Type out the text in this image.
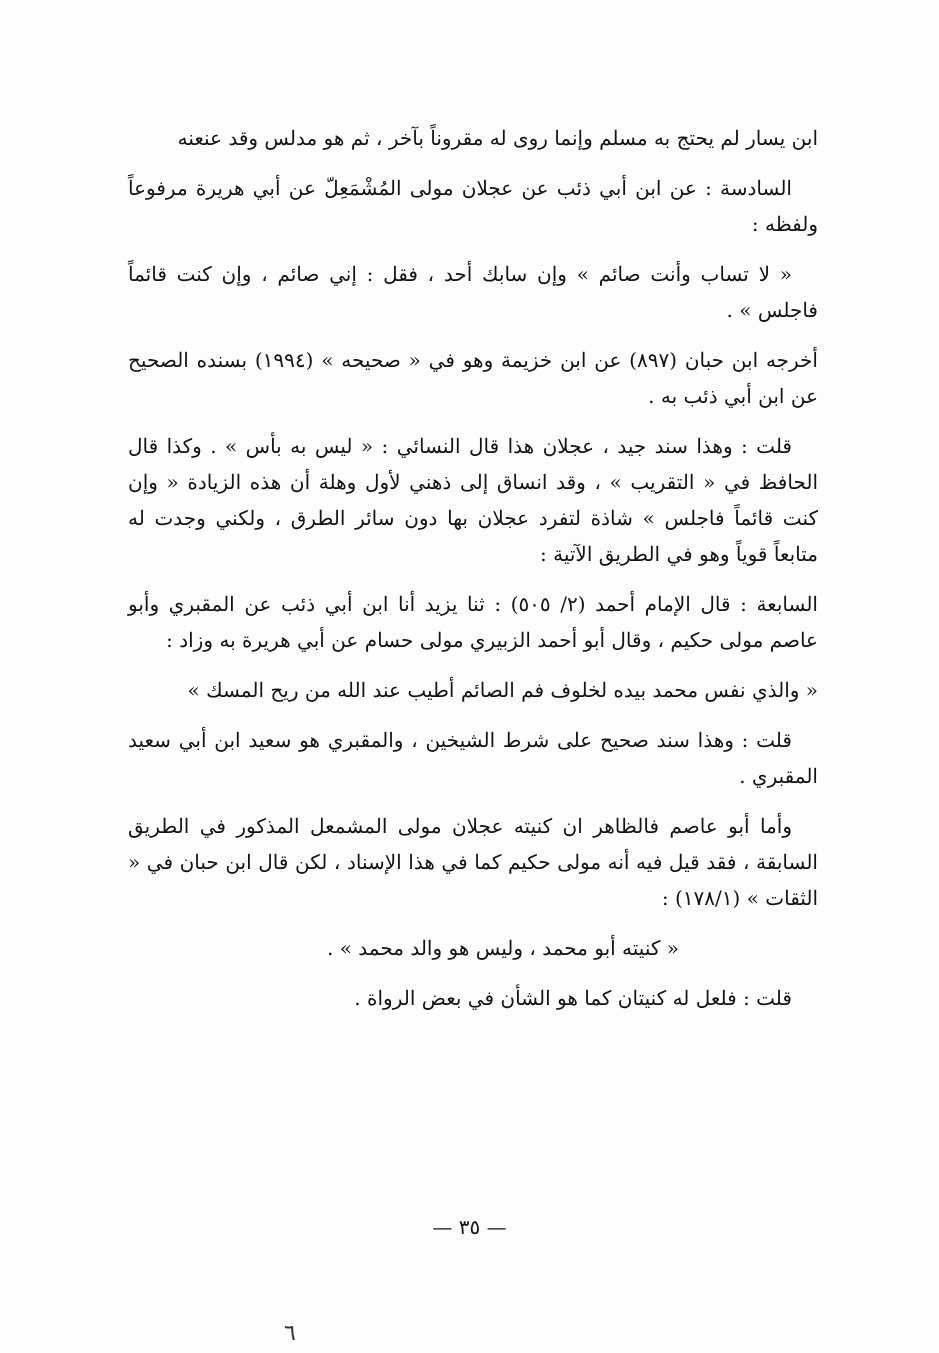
ابن يسار لم يحتج به مسلم وإنما روى له مقروناً بآخر ، ثم هو مدلس وقد عنعنه

السادسة : عن ابن أبي ذئب عن عجلان مولى المُشْمَعِلّ عن أبي هريرة مرفوعاً ولفظه :

« لا تساب وأنت صائم » وإن سابك أحد ، فقل : إني صائم ، وإن كنت قائماً فاجلس » .

أخرجه ابن حبان (٨٩٧) عن ابن خزيمة وهو في « صحيحه » (١٩٩٤) بسنده الصحيح عن ابن أبي ذئب به .

قلت : وهذا سند جيد ، عجلان هذا قال النسائي : « ليس به بأس » . وكذا قال الحافظ في « التقريب » ، وقد انساق إلى ذهني لأول وهلة أن هذه الزيادة « وإن كنت قائماً فاجلس » شاذة لتفرد عجلان بها دون سائر الطرق ، ولكني وجدت له متابعاً قوياً وهو في الطريق الآتية :

السابعة : قال الإمام أحمد (٢/ ٥٠٥) : ثنا يزيد أنا ابن أبي ذئب عن المقبري وأبو عاصم مولى حكيم ، وقال أبو أحمد الزبيري مولى حسام عن أبي هريرة به وزاد :

« والذي نفس محمد بيده لخلوف فم الصائم أطيب عند الله من ريح المسك »

قلت : وهذا سند صحيح على شرط الشيخين ، والمقبري هو سعيد ابن أبي سعيد المقبري .

وأما أبو عاصم فالظاهر ان كنيته عجلان مولى المشمعل المذكور في الطريق السابقة ، فقد قيل فيه أنه مولى حكيم كما في هذا الإسناد ، لكن قال ابن حبان في « الثقات » (١٧٨/١) :

« كنيته أبو محمد ، وليس هو والد محمد » .

قلت : فلعل له كنيتان كما هو الشأن في بعض الرواة .

— ٣٥ —
٦
